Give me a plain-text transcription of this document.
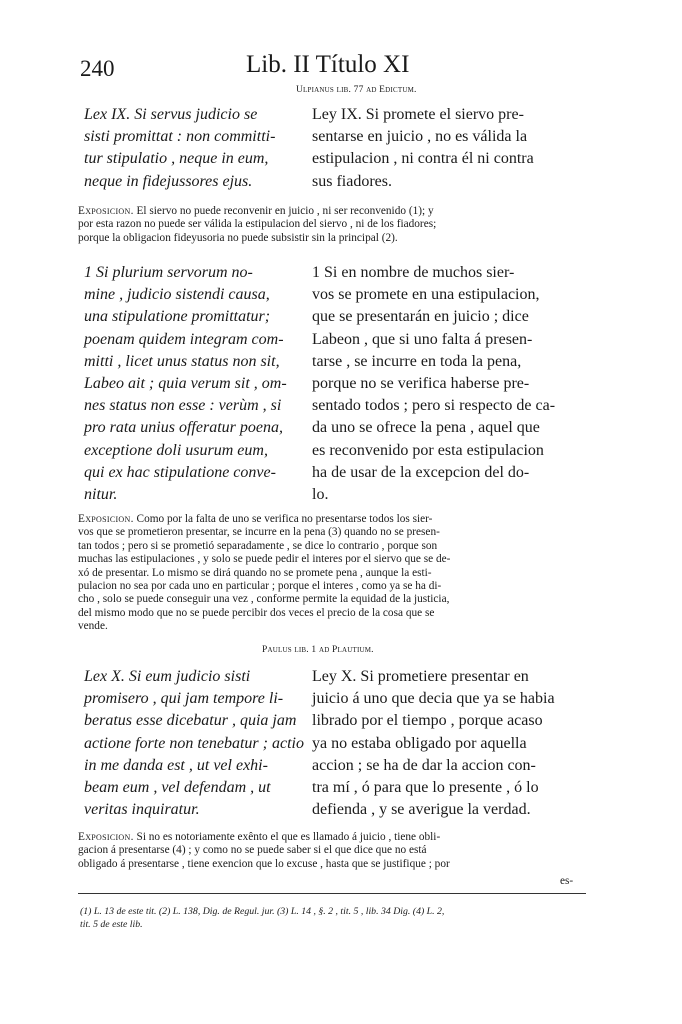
240	Lib. II Título XI
Ulpianus lib. 77 ad Edictum.
Lex IX. Si servus judicio se
sisti promittat : non committi-
tur stipulatio , neque in eum,
neque in fidejussores ejus.
Ley IX. Si promete el siervo pre-
sentarse en juicio , no es válida la
estipulacion , ni contra él ni contra
sus fiadores.
Exposicion. El siervo no puede reconvenir en juicio , ni ser reconvenido (1); y
por esta razon no puede ser válida la estipulacion del siervo , ni de los fiadores;
porque la obligacion fideyusoria no puede subsistir sin la principal (2).
1 Si plurium servorum no-
mine , judicio sistendi causa,
una stipulatione promittatur;
poenam quidem integram com-
mitti , licet unus status non sit,
Labeo ait ; quia verum sit , om-
nes status non esse : verùm , si
pro rata unius offeratur poena,
exceptione doli usurum eum,
qui ex hac stipulatione conve-
nitur.
1 Si en nombre de muchos sier-
vos se promete en una estipulacion,
que se presentarán en juicio ; dice
Labeon , que si uno falta á presen-
tarse , se incurre en toda la pena,
porque no se verifica haberse pre-
sentado todos ; pero si respecto de ca-
da uno se ofrece la pena , aquel que
es reconvenido por esta estipulacion
ha de usar de la excepcion del do-
lo.
Exposicion. Como por la falta de uno se verifica no presentarse todos los sier-
vos que se prometieron presentar, se incurre en la pena (3) quando no se presen-
tan todos ; pero si se prometió separadamente , se dice lo contrario , porque son
muchas las estipulaciones , y solo se puede pedir el interes por el siervo que se de-
xó de presentar. Lo mismo se dirá quando no se promete pena , aunque la esti-
pulacion no sea por cada uno en particular ; porque el interes , como ya se ha di-
cho , solo se puede conseguir una vez , conforme permite la equidad de la justicia,
del mismo modo que no se puede percibir dos veces el precio de la cosa que se
vende.
Paulus lib. 1 ad Plautium.
Lex X. Si eum judicio sisti
promisero , qui jam tempore li-
beratus esse dicebatur , quia jam
actione forte non tenebatur ; actio
in me danda est , ut vel exhi-
beam eum , vel defendam , ut
veritas inquiratur.
Ley X. Si prometiere presentar en
juicio á uno que decia que ya se habia
librado por el tiempo , porque acaso
ya no estaba obligado por aquella
accion ; se ha de dar la accion con-
tra mí , ó para que lo presente , ó lo
defienda , y se averigue la verdad.
Exposicion. Si no es notoriamente exênto el que es llamado á juicio , tiene obli-
gacion á presentarse (4) ; y como no se puede saber si el que dice que no está
obligado á presentarse , tiene exencion que lo excuse , hasta que se justifique ; por
es-
(1) L. 13 de este tit. (2) L. 138, Dig. de Regul. jur. (3) L. 14 , §. 2 , tit. 5 , lib. 34 Dig. (4) L. 2,
tit. 5 de este lib.
